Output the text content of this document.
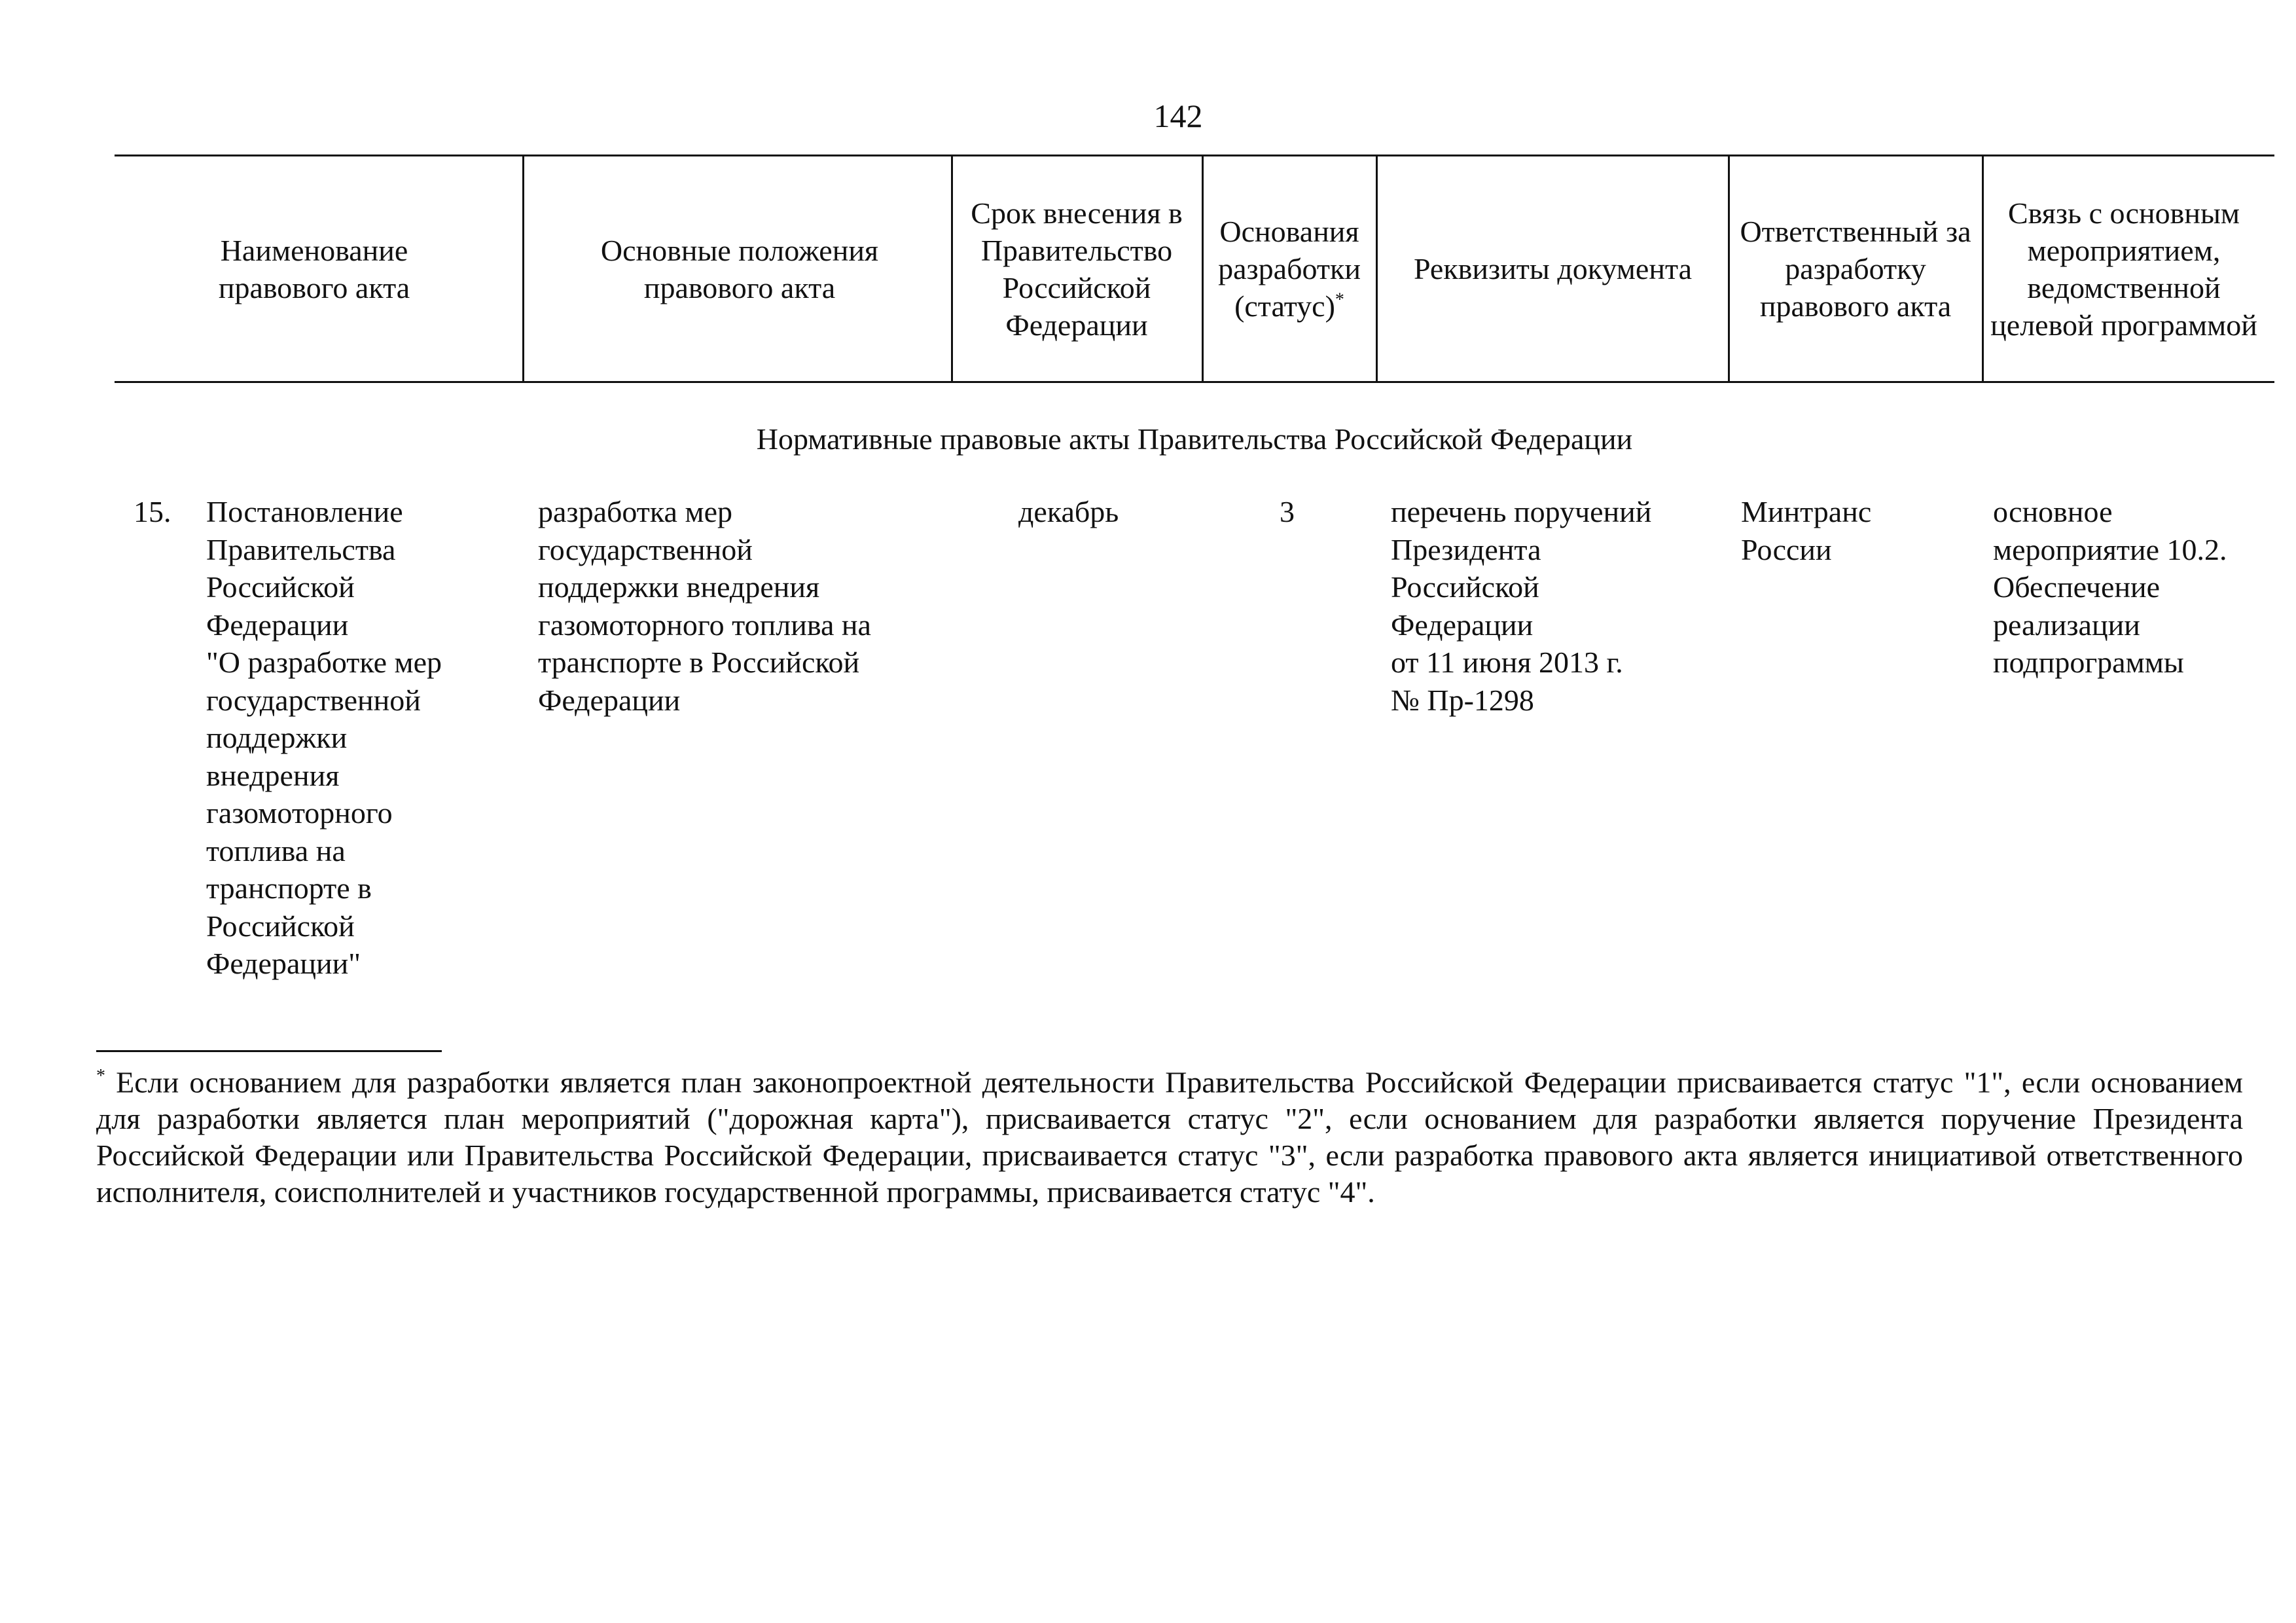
142
Наименование правового акта
Основные положения правового акта
Срок внесения в Правительство Российской Федерации
Основания разработки (статус)*
Реквизиты документа
Ответственный за разработку правового акта
Связь с основным мероприятием, ведомственной целевой программой
Нормативные правовые акты Правительства Российской Федерации
15. Постановление
Правительства
Российской
Федерации
"О разработке мер
государственной
поддержки
внедрения
газомоторного
топлива на
транспорте в
Российской
Федерации"
разработка мер
государственной
поддержки внедрения
газомоторного топлива на
транспорте в Российской
Федерации
декабрь	3	перечень поручений
Президента
Российской
Федерации
от 11 июня 2013 г.
№ Пр-1298
Минтранс
России
основное
мероприятие 10.2.
Обеспечение
реализации
подпрограммы
* Если основанием для разработки является план законопроектной деятельности Правительства Российской Федерации присваивается статус "1", если основанием для разработки является план мероприятий ("дорожная карта"), присваивается статус "2", если основанием для разработки является поручение Президента Российской Федерации или Правительства Российской Федерации, присваивается статус "3", если разработка правового акта является инициативой ответственного исполнителя, соисполнителей и участников государственной программы, присваивается статус "4".
